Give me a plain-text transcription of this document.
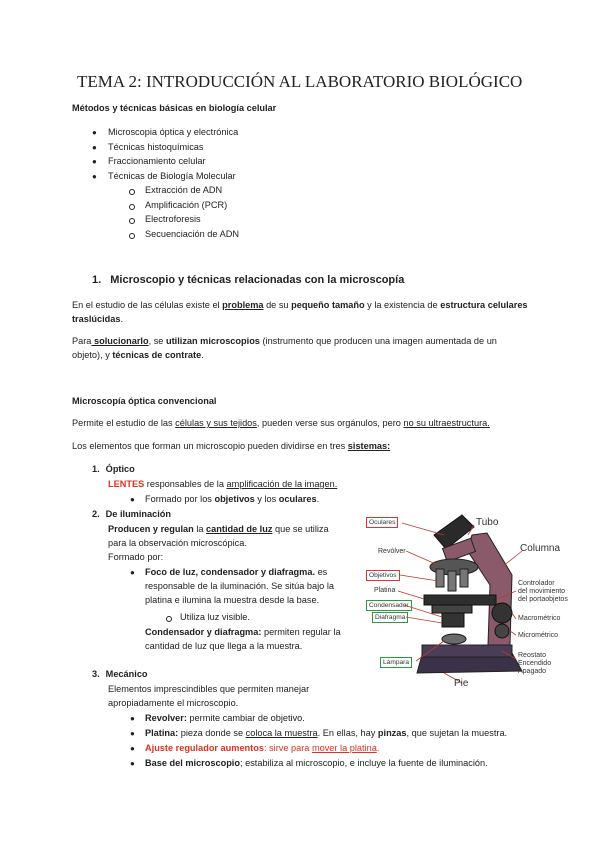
TEMA 2: INTRODUCCIÓN AL LABORATORIO BIOLÓGICO
Métodos y técnicas básicas en biología celular
● Microscopia óptica y electrónica
● Técnicas histoquímicas
● Fraccionamiento celular
● Técnicas de Biología Molecular
Extracción de ADN
Amplificación (PCR)
Electroforesis
Secuenciación de ADN
1. Microscopio y técnicas relacionadas con la microscopía
En el estudio de las células existe el problema de su pequeño tamaño y la existencia de estructura celulares
traslúcidas.
Para solucionarlo, se utilizan microscopios (instrumento que producen una imagen aumentada de un
objeto), y técnicas de contrate.
Microscopía óptica convencional
Permite el estudio de las células y sus tejidos, pueden verse sus orgánulos, pero no su ultraestructura.
Los elementos que forman un microscopio pueden dividirse en tres sistemas:
1. Óptico
LENTES responsables de la amplificación de la imagen.
● Formado por los objetivos y los oculares.
2. De iluminación
Producen y regulan la cantidad de luz que se utiliza
para la observación microscópica.
Formado por:
● Foco de luz, condensador y diafragma. es
responsable de la iluminación. Se sitúa bajo la
platina e ilumina la muestra desde la base.
Utiliza luz visible.
Condensador y diafragma: permiten regular la
cantidad de luz que llega a la muestra.
3. Mecánico
Elementos imprescindibles que permiten manejar
apropiadamente el microscopio.
● Revolver: permite cambiar de objetivo.
● Platina: pieza donde se coloca la muestra. En ellas, hay pinzas, que sujetan la muestra.
● Ajuste regulador aumentos: sirve para mover la platina.
● Base del microscopio; estabiliza al microscopio, e incluye la fuente de iluminación.
Oculares	Tubo
Revólver	Columna
Objetivos
Platina
Condensador
Diafragma
Controlador
del movimiento
del portaobjetos
Macrométrico
Micrométrico
Reostato
Encendido
Apagado
Lámpara
Pie
